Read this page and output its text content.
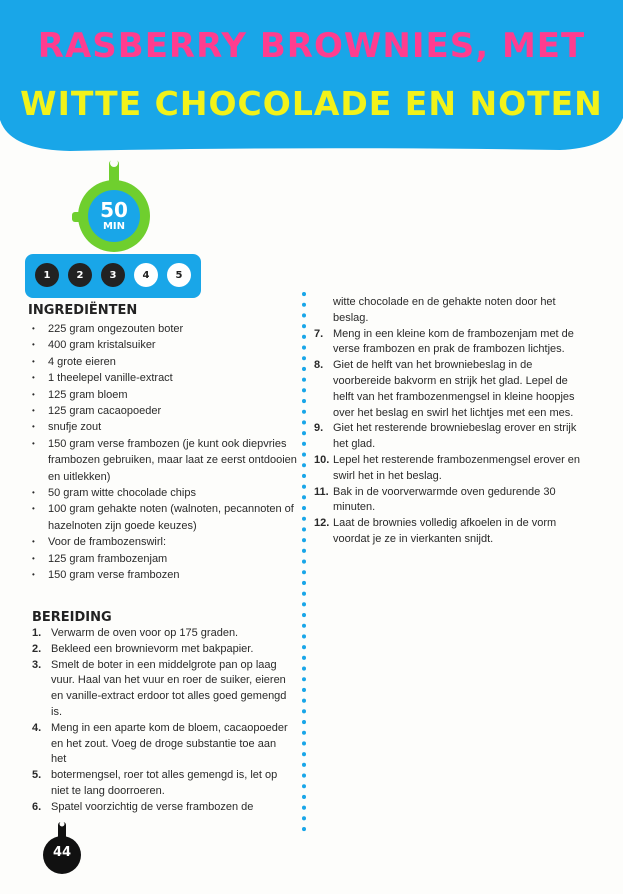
RASBERRY BROWNIES, MET
WITTE CHOCOLADE EN NOTEN
50
MIN
1	2	3	4	5
INGREDIËNTEN
• 225 gram ongezouten boter
• 400 gram kristalsuiker
• 4 grote eieren
• 1 theelepel vanille-extract
• 125 gram bloem
• 125 gram cacaopoeder
• snufje zout
• 150 gram verse frambozen (je kunt ook diepvries frambozen gebruiken, maar laat ze eerst ontdooien en uitlekken)
• 50 gram witte chocolade chips
• 100 gram gehakte noten (walnoten, pecannoten of hazelnoten zijn goede keuzes)
• Voor de frambozenswirl:
• 125 gram frambozenjam
• 150 gram verse frambozen
BEREIDING
1. Verwarm de oven voor op 175 graden.
2. Bekleed een brownievorm met bakpapier.
3. Smelt de boter in een middelgrote pan op laag vuur. Haal van het vuur en roer de suiker, eieren en vanille-extract erdoor tot alles goed gemengd is.
4. Meng in een aparte kom de bloem, cacaopoeder en het zout. Voeg de droge substantie toe aan het
5. botermengsel, roer tot alles gemengd is, let op niet te lang doorroeren.
6. Spatel voorzichtig de verse frambozen de
witte chocolade en de gehakte noten door het beslag.
7. Meng in een kleine kom de frambozenjam met de verse frambozen en prak de frambozen lichtjes.
8. Giet de helft van het browniebeslag in de voorbereide bakvorm en strijk het glad. Lepel de helft van het frambozenmengsel in kleine hoopjes over het beslag en swirl het lichtjes met een mes.
9. Giet het resterende browniebeslag erover en strijk het glad.
10. Lepel het resterende frambozenmengsel erover en swirl het in het beslag.
11. Bak in de voorverwarmde oven gedurende 30 minuten.
12. Laat de brownies volledig afkoelen in de vorm voordat je ze in vierkanten snijdt.
44
